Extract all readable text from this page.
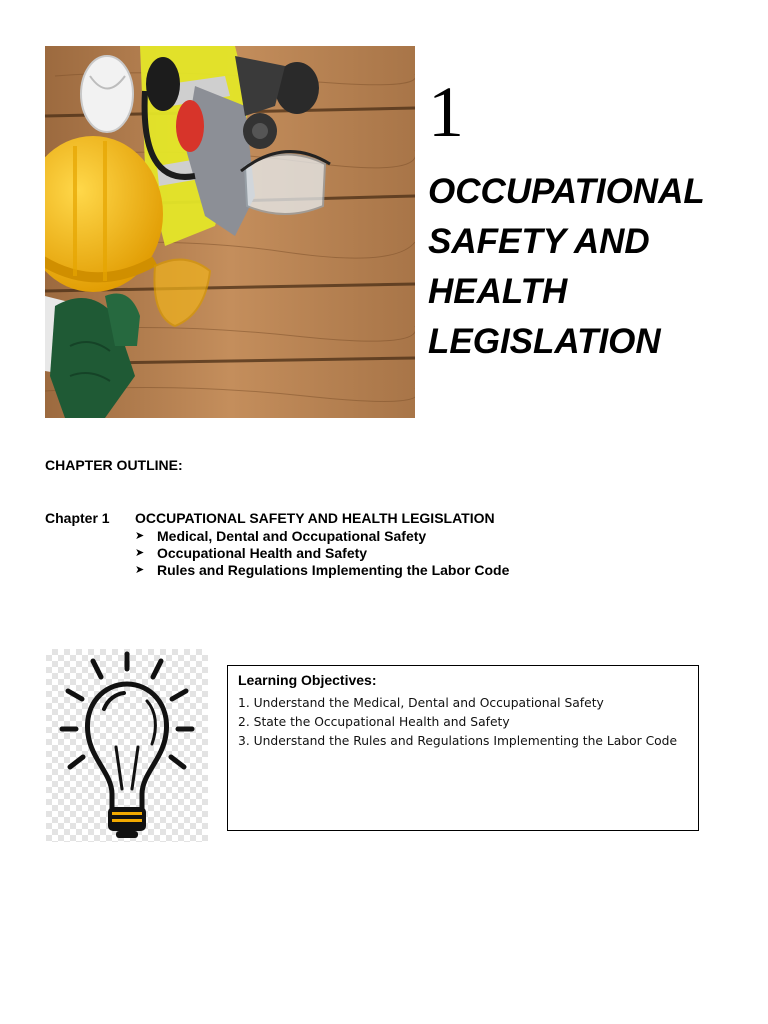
1
OCCUPATIONAL
SAFETY AND
HEALTH
LEGISLATION
CHAPTER OUTLINE:
Chapter 1 OCCUPATIONAL SAFETY AND HEALTH LEGISLATION
➤ Medical, Dental and Occupational Safety
➤ Occupational Health and Safety
➤ Rules and Regulations Implementing the Labor Code
Learning Objectives:
1. Understand the Medical, Dental and Occupational Safety
2. State the Occupational Health and Safety
3. Understand the Rules and Regulations Implementing the Labor Code
